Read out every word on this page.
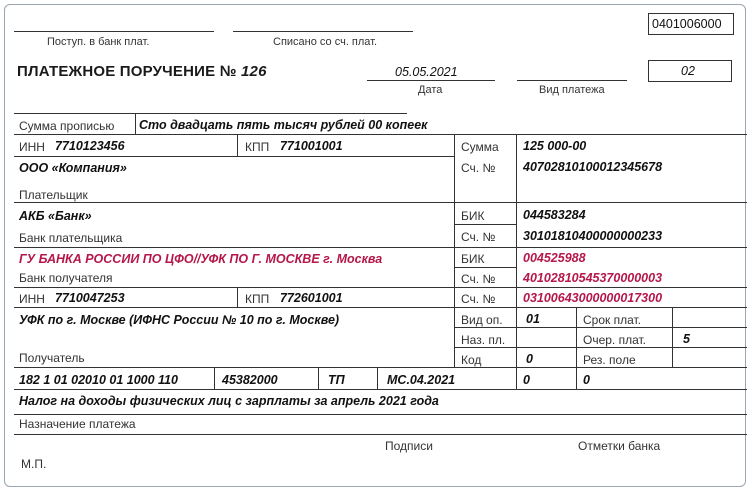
0401006000
Поступ. в банк плат.	Списано со сч. плат.
ПЛАТЕЖНОЕ ПОРУЧЕНИЕ № 126	05.05.2021
Дата	Вид платежа
02
Сумма прописью Сто двадцать пять тысяч рублей 00 копеек
Сумма 125 000-00
ИНН 7710123456	КПП 771001001
ООО «Компания»
Плательщик
Сч. № 40702810100012345678
АКБ «Банк»
Банк плательщика
БИК	044583284
Сч. № 30101810400000000233
ГУ БАНКА РОССИИ ПО ЦФО//УФК ПО Г. МОСКВЕ г. Москва
Банк получателя
БИК	004525988
Сч. № 40102810545370000003
ИНН 7710047253	КПП 772601001	Сч. № 03100643000000017300
УФК по г. Москве (ИФНС России № 10 по г. Москве)
Получатель
Вид оп. 01	Срок плат.
Наз. пл.	Очер. плат.	5
Код	0	Рез. поле
182 1 01 02010 01 1000 110	45382000	ТП	МС.04.2021	0	0
Налог на доходы физических лиц с зарплаты за апрель 2021 года
Назначение платежа
Подписи	Отметки банка
М.П.
